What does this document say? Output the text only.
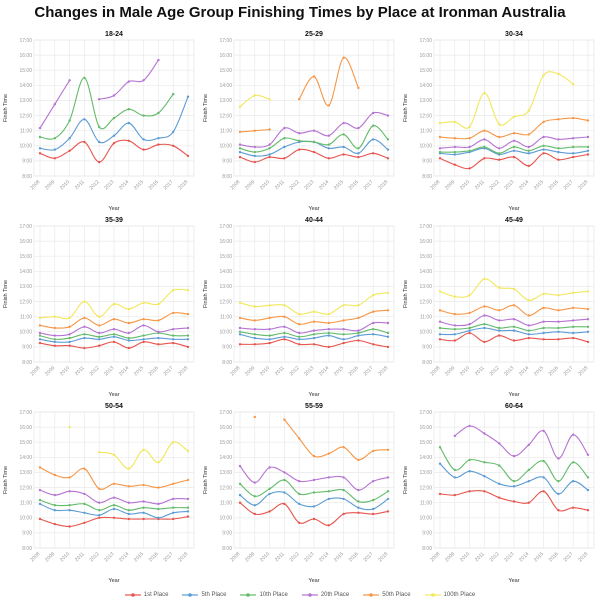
Changes in Male Age Group Finishing Times by Place at Ironman Australia
8:00
9:00
10:00
11:00
12:00
13:00
14:00
15:00
16:00
17:00
2008 2009 2010 2011 2012 2013 2014 2015 2016 2017 2018
18-24
Year
Finish Time
8:00
9:00
10:00
11:00
12:00
13:00
14:00
15:00
16:00
17:00
2008 2009 2010 2011 2012 2013 2014 2015 2016 2017 2018
25-29
Year
Finish Time
8:00
9:00
10:00
11:00
12:00
13:00
14:00
15:00
16:00
17:00
2008 2009 2010 2011 2012 2013 2014 2015 2016 2017 2018
30-34
Year
Finish Time
8:00
9:00
10:00
11:00
12:00
13:00
14:00
15:00
16:00
17:00
2008 2009 2010 2011 2012 2013 2014 2015 2016 2017 2018
35-39
Year
Finish Time
8:00
9:00
10:00
11:00
12:00
13:00
14:00
15:00
16:00
17:00
2008 2009 2010 2011 2012 2013 2014 2015 2016 2017 2018
40-44
Year
Finish Time
8:00
9:00
10:00
11:00
12:00
13:00
14:00
15:00
16:00
17:00
2008 2009 2010 2011 2012 2013 2014 2015 2016 2017 2018
45-49
Year
Finish Time
8:00
9:00
10:00
11:00
12:00
13:00
14:00
15:00
16:00
17:00
2008 2009 2010 2011 2012 2013 2014 2015 2016 2017 2018
50-54
Year
Finish Time
8:00
9:00
10:00
11:00
12:00
13:00
14:00
15:00
16:00
17:00
2008 2009 2010 2011 2012 2013 2014 2015 2016 2017 2018
55-59
Year
Finish Time
8:00
9:00
10:00
11:00
12:00
13:00
14:00
15:00
16:00
17:00
2008 2009 2010 2011 2012 2013 2014 2015 2016 2017 2018
60-64
Year
Finish Time
1st Place	5th Place	10th Place	20th Place	50th Place	100th Place
